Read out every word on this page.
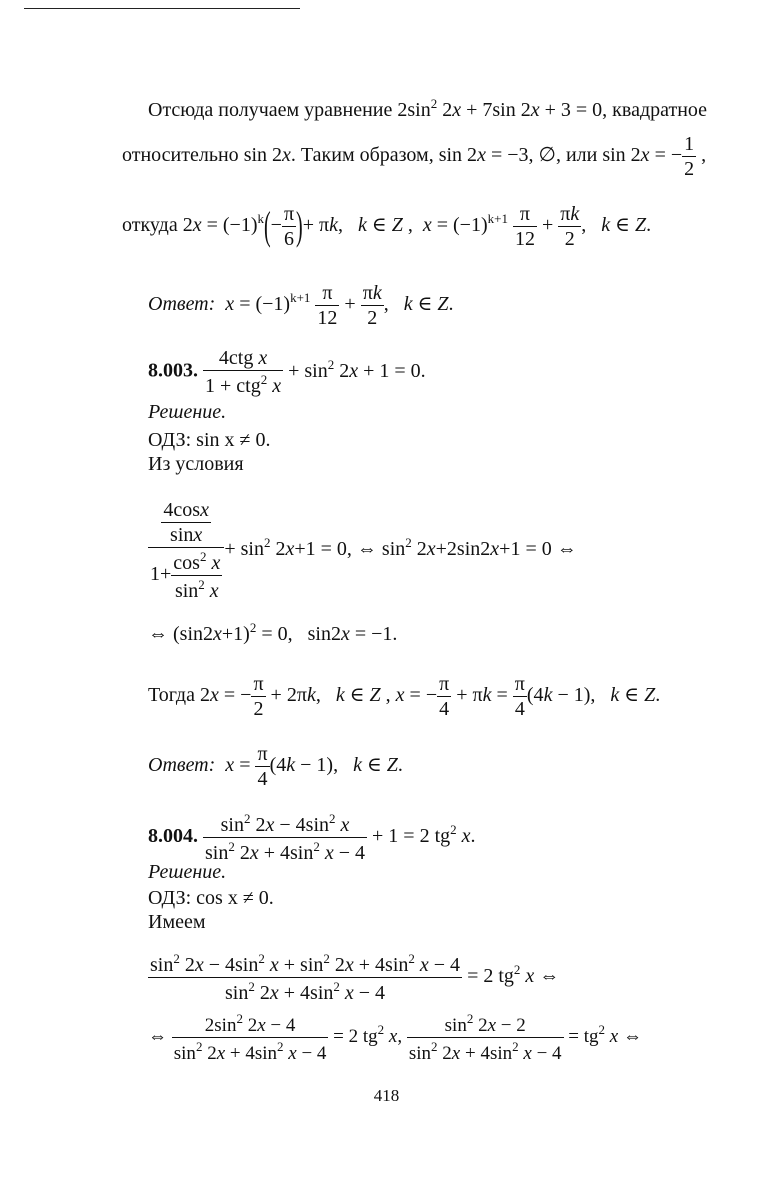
Отсюда получаем уравнение $2\sin^2$ 2x + 7sin 2x + 3 = 0, квадратное
относительно sin 2x. Таким образом, sin 2x = −3, ∅, или sin 2x = − $\frac{1}{2}$ ,
откуда $2x = (-1)^k(- \frac{\pi}{6}$ )+ πk,   k ∈ Z ,  $x = (-1)^{k+1} \frac{\pi}{12} + \frac{\pi k}{2}$ ,   k ∈ Z.
Ответ: $x = (-1)^{k+1} \frac{\pi}{12} + \frac{\pi k}{2}$ ,   k ∈ Z.
8.003. $\frac{\text{4ctg x}}{1 + ctg^2 x} + \sin^2 2x + 1 = 0$.
Решение.
ОДЗ: sin x ≠ 0.
Из условия
$\frac{\frac{4\cos x}{\sin x}}{1+ \frac{\cos^2 x}{\sin^2 x}} + \sin^2 2x+1 = 0$, ⇔ $\sin^2 2x+2\sin 2x+1 = 0$ ⇔
⇔ $(\sin 2x+1)^2 = 0$,   sin2x = −1.
Тогда 2x = − $\frac{\pi}{2} + 2\pi k$,   k ∈ Z , x = − $\frac{\pi}{4} + \pi k = \frac{\pi}{4} (4k - 1)$,   k ∈ Z.
Ответ: $x = \frac{\pi}{4} (4k - 1)$,   k ∈ Z.
8.004. $\frac{\sin^2 2x - 4\sin^2 x}{\sin^2 2x + 4\sin^2 x - 4} + 1 = 2$ $tg^2$ x.
Решение.
ОДЗ: cos x ≠ 0.
Имеем
$\frac{\sin^2 2x - 4\sin^2 x + \sin^2 2x + 4\sin^2 x - 4}{\sin^2 2x + 4\sin^2 x - 4} = 2$ $tg^2$ x ⇔
⇔ $\frac{2\sin^2 2x - 4}{\sin^2 2x + 4\sin^2 x - 4} = 2$ $tg^2$ x, $\frac{\sin^2 2x - 2}{\sin^2 2x + 4\sin^2 x - 4} = tg^2$ x ⇔
418
